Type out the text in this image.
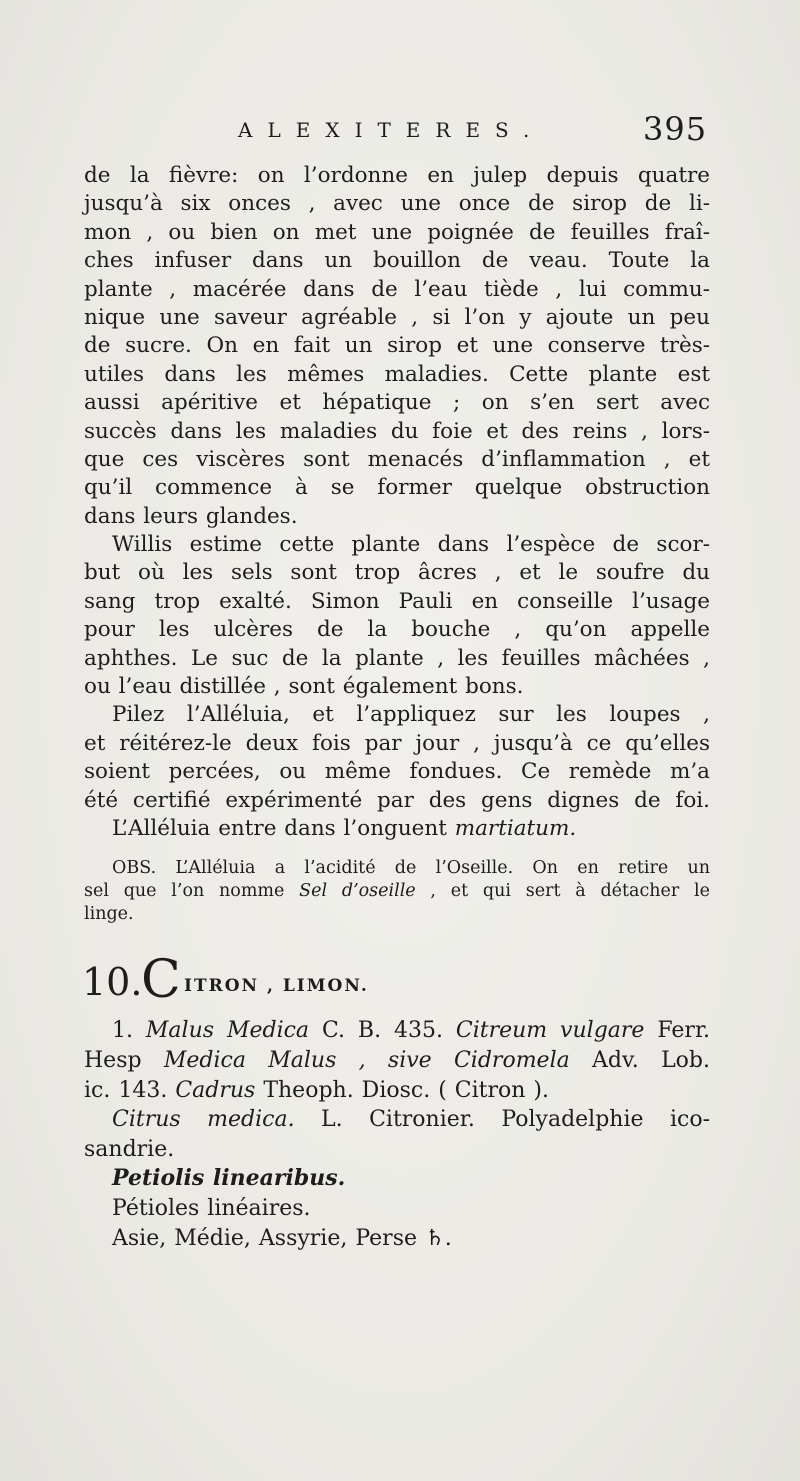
ALEXITERES.	395
de la fièvre: on l’ordonne en julep depuis quatre
jusqu’à six onces , avec une once de sirop de li-
mon , ou bien on met une poignée de feuilles fraî-
ches infuser dans un bouillon de veau. Toute la
plante , macérée dans de l’eau tiède , lui commu-
nique une saveur agréable , si l’on y ajoute un peu
de sucre. On en fait un sirop et une conserve très-
utiles dans les mêmes maladies. Cette plante est
aussi apéritive et hépatique ; on s’en sert avec
succès dans les maladies du foie et des reins , lors-
que ces viscères sont menacés d’inflammation , et
qu’il commence à se former quelque obstruction
dans leurs glandes.
Willis estime cette plante dans l’espèce de scor-
but où les sels sont trop âcres , et le soufre du
sang trop exalté. Simon Pauli en conseille l’usage
pour les ulcères de la bouche , qu’on appelle
aphthes. Le suc de la plante , les feuilles mâchées ,
ou l’eau distillée , sont également bons.
Pilez l’Alléluia, et l’appliquez sur les loupes ,
et réitérez-le deux fois par jour , jusqu’à ce qu’elles
soient percées, ou même fondues. Ce remède m’a
été certifié expérimenté par des gens dignes de foi.
L’Alléluia entre dans l’onguent martiatum.
OBS. L’Alléluia a l’acidité de l’Oseille. On en retire un
sel que l’on nomme Sel d’oseille , et qui sert à détacher le
linge.
10.
C ITRON , LIMON.
1. Malus Medica C. B. 435. Citreum vulgare Ferr.
Hesp Medica Malus , sive Cidromela Adv. Lob.
ic. 143. Cadrus Theoph. Diosc. ( Citron ).
Citrus medica. L. Citronier. Polyadelphie ico-
sandrie.
Petiolis linearibus.
Pétioles linéaires.
Asie, Médie, Assyrie, Perse ♄.
